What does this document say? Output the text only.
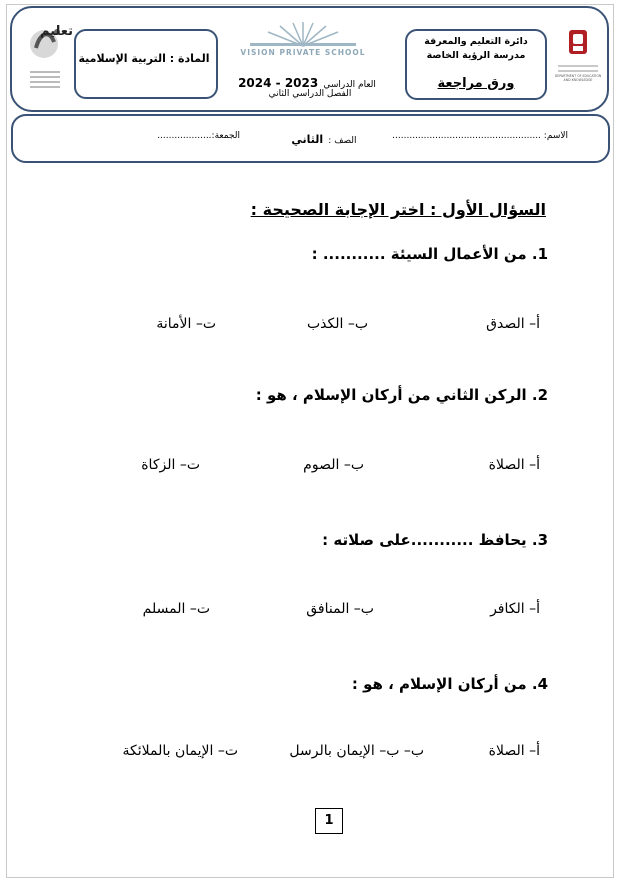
تعليم
المادة : التربية الإسلامية	VISION PRIVATE SCHOOL
العام الدراسي 2023 - 2024
الفصل الدراسي الثاني
دائرة التعليم والمعرفة
مدرسة الرؤية الخاصة
ورق مراجعة	DEPARTMENT OF EDUCATION AND KNOWLEDGE
الاسم: ....................................................
الصف : الثاني
الجمعة:...................
السؤال الأول : اختر الإجابة الصحيحة :
1. من الأعمال السيئة ........... :
أ– الصدق
ب– الكذب
ت– الأمانة
2. الركن الثاني من أركان الإسلام ، هو :
أ– الصلاة
ب– الصوم
ت– الزكاة
3. يحافظ ...........على صلاته :
أ– الكافر
ب– المنافق
ت– المسلم
4. من أركان الإسلام ، هو :
أ– الصلاة
ب– ب– الإيمان بالرسل
ت– الإيمان بالملائكة
1
